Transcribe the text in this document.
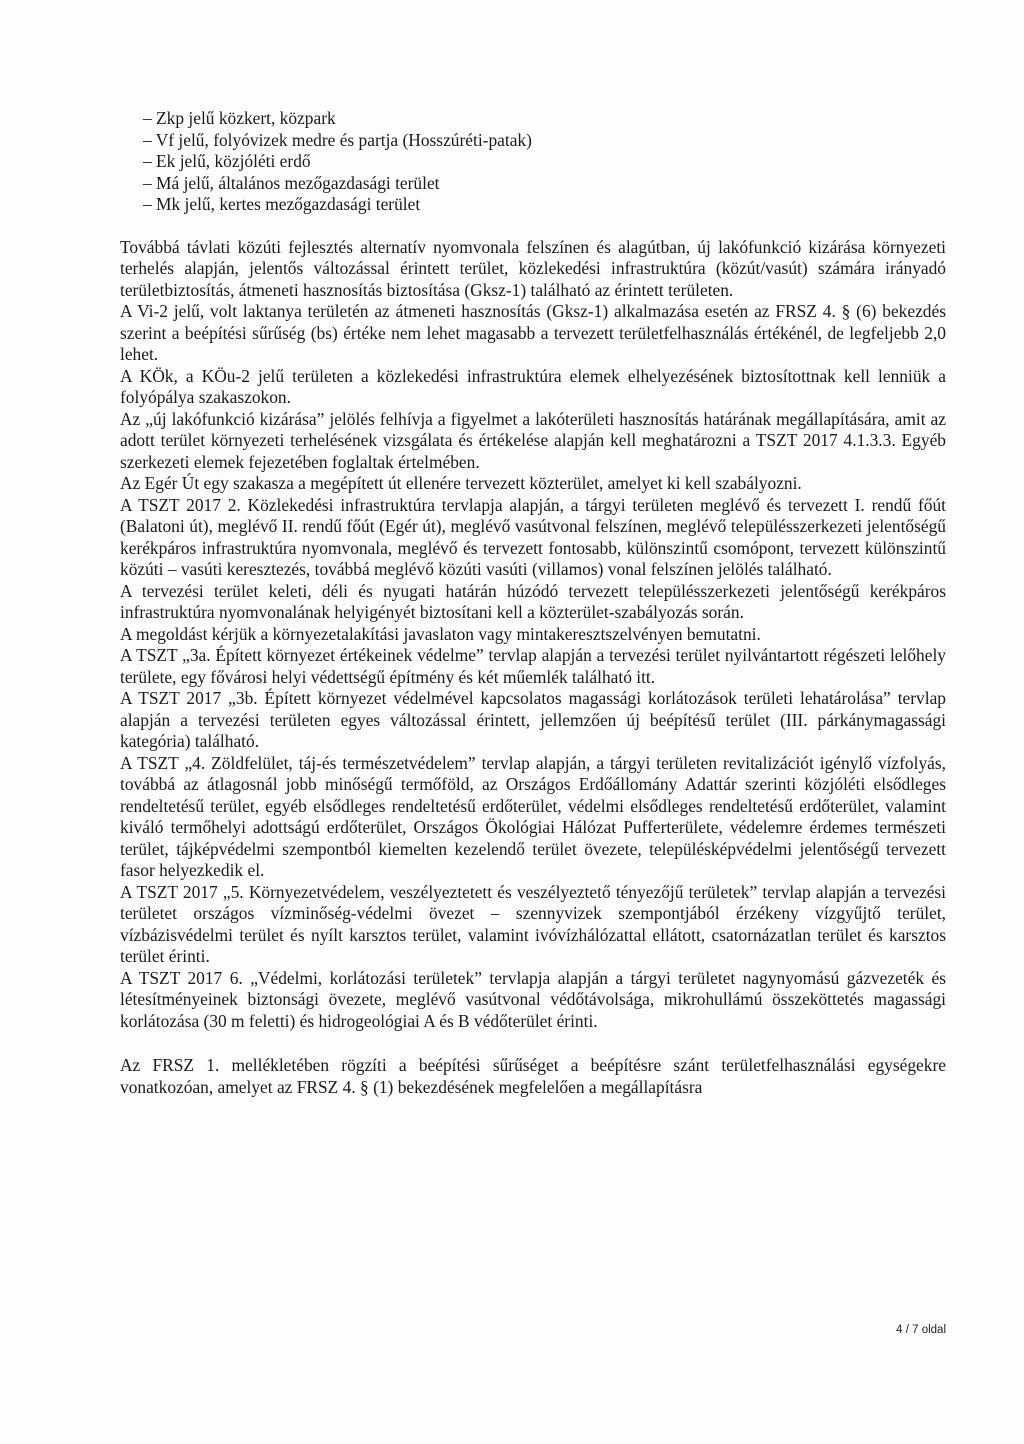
– Zkp jelű közkert, közpark
– Vf jelű, folyóvizek medre és partja (Hosszúréti-patak)
– Ek jelű, közjóléti erdő
– Má jelű, általános mezőgazdasági terület
– Mk jelű, kertes mezőgazdasági terület

Továbbá távlati közúti fejlesztés alternatív nyomvonala felszínen és alagútban, új lakófunkció kizárása környezeti terhelés alapján, jelentős változással érintett terület, közlekedési infrastruktúra (közút/vasút) számára irányadó területbiztosítás, átmeneti hasznosítás biztosítása (Gksz-1) található az érintett területen.

A Vi-2 jelű, volt laktanya területén az átmeneti hasznosítás (Gksz-1) alkalmazása esetén az FRSZ 4. § (6) bekezdés szerint a beépítési sűrűség (bs) értéke nem lehet magasabb a tervezett területfelhasználás értékénél, de legfeljebb 2,0 lehet.

A KÖk, a KÖu-2 jelű területen a közlekedési infrastruktúra elemek elhelyezésének biztosítottnak kell lenniük a folyópálya szakaszokon.

Az „új lakófunkció kizárása” jelölés felhívja a figyelmet a lakóterületi hasznosítás határának megállapítására, amit az adott terület környezeti terhelésének vizsgálata és értékelése alapján kell meghatározni a TSZT 2017 4.1.3.3. Egyéb szerkezeti elemek fejezetében foglaltak értelmében.

Az Egér Út egy szakasza a megépített út ellenére tervezett közterület, amelyet ki kell szabályozni.

A TSZT 2017 2. Közlekedési infrastruktúra tervlapja alapján, a tárgyi területen meglévő és tervezett I. rendű főút (Balatoni út), meglévő II. rendű főút (Egér út), meglévő vasútvonal felszínen, meglévő településszerkezeti jelentőségű kerékpáros infrastruktúra nyomvonala, meglévő és tervezett fontosabb, különszintű csomópont, tervezett különszintű közúti – vasúti keresztezés, továbbá meglévő közúti vasúti (villamos) vonal felszínen jelölés található.

A tervezési terület keleti, déli és nyugati határán húzódó tervezett településszerkezeti jelentőségű kerékpáros infrastruktúra nyomvonalának helyigényét biztosítani kell a közterület-szabályozás során.

A megoldást kérjük a környezetalakítási javaslaton vagy mintakeresztszelvényen bemutatni.

A TSZT „3a. Épített környezet értékeinek védelme” tervlap alapján a tervezési terület nyilvántartott régészeti lelőhely területe, egy fővárosi helyi védettségű építmény és két műemlék található itt.

A TSZT 2017 „3b. Épített környezet védelmével kapcsolatos magassági korlátozások területi lehatárolása” tervlap alapján a tervezési területen egyes változással érintett, jellemzően új beépítésű terület (III. párkánymagassági kategória) található.

A TSZT „4. Zöldfelület, táj-és természetvédelem” tervlap alapján, a tárgyi területen revitalizációt igénylő vízfolyás, továbbá az átlagosnál jobb minőségű termőföld, az Országos Erdőállomány Adattár szerinti közjóléti elsődleges rendeltetésű terület, egyéb elsődleges rendeltetésű erdőterület, védelmi elsődleges rendeltetésű erdőterület, valamint kiváló termőhelyi adottságú erdőterület, Országos Ökológiai Hálózat Pufferterülete, védelemre érdemes természeti terület, tájképvédelmi szempontból kiemelten kezelendő terület övezete, településképvédelmi jelentőségű tervezett fasor helyezkedik el.

A TSZT 2017 „5. Környezetvédelem, veszélyeztetett és veszélyeztető tényezőjű területek” tervlap alapján a tervezési területet országos vízminőség-védelmi övezet – szennyvizek szempontjából érzékeny vízgyűjtő terület, vízbázisvédelmi terület és nyílt karsztos terület, valamint ivóvízhálózattal ellátott, csatornázatlan terület és karsztos terület érinti.

A TSZT 2017 6. „Védelmi, korlátozási területek” tervlapja alapján a tárgyi területet nagynyomású gázvezeték és létesítményeinek biztonsági övezete, meglévő vasútvonal védőtávolsága, mikrohullámú összeköttetés magassági korlátozása (30 m feletti) és hidrogeológiai A és B védőterület érinti.

Az FRSZ 1. mellékletében rögzíti a beépítési sűrűséget a beépítésre szánt területfelhasználási egységekre vonatkozóan, amelyet az FRSZ 4. § (1) bekezdésének megfelelően a megállapításra

4 / 7 oldal
